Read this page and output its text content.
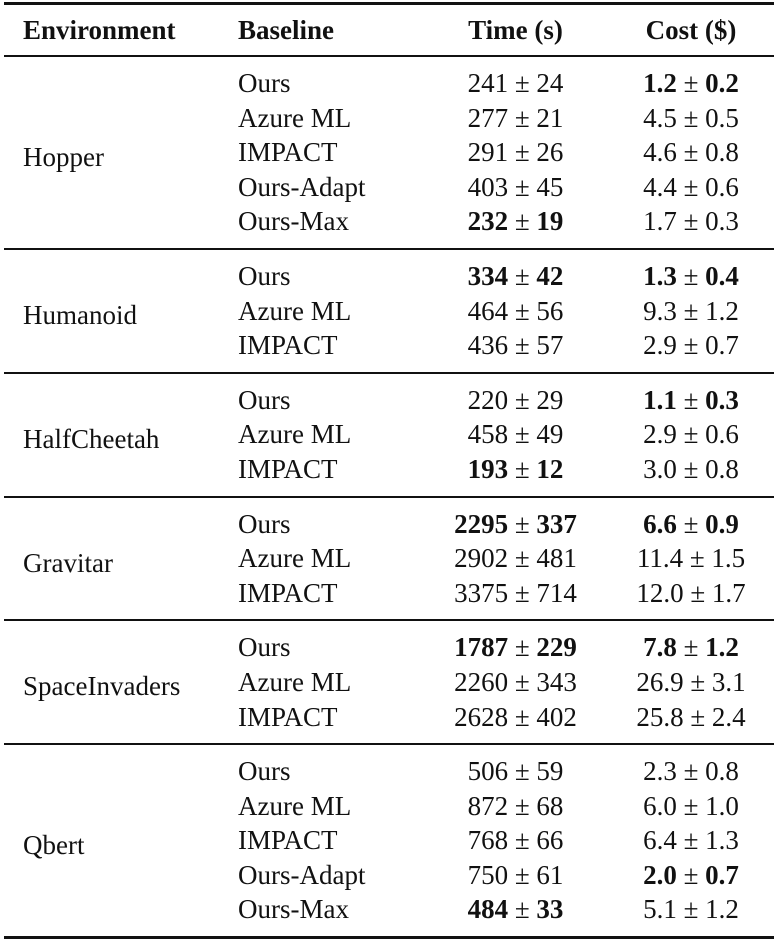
Environment	Baseline	Time (s)	Cost ($)
Hopper	Ours	241 ± 24	1.2 ± 0.2
	Azure ML	277 ± 21	4.5 ± 0.5
	IMPACT	291 ± 26	4.6 ± 0.8
	Ours-Adapt	403 ± 45	4.4 ± 0.6
	Ours-Max	232 ± 19	1.7 ± 0.3
Humanoid	Ours	334 ± 42	1.3 ± 0.4
	Azure ML	464 ± 56	9.3 ± 1.2
	IMPACT	436 ± 57	2.9 ± 0.7
HalfCheetah	Ours	220 ± 29	1.1 ± 0.3
	Azure ML	458 ± 49	2.9 ± 0.6
	IMPACT	193 ± 12	3.0 ± 0.8
Gravitar	Ours	2295 ± 337	6.6 ± 0.9
	Azure ML	2902 ± 481	11.4 ± 1.5
	IMPACT	3375 ± 714	12.0 ± 1.7
SpaceInvaders	Ours	1787 ± 229	7.8 ± 1.2
	Azure ML	2260 ± 343	26.9 ± 3.1
	IMPACT	2628 ± 402	25.8 ± 2.4
Qbert	Ours	506 ± 59	2.3 ± 0.8
	Azure ML	872 ± 68	6.0 ± 1.0
	IMPACT	768 ± 66	6.4 ± 1.3
	Ours-Adapt	750 ± 61	2.0 ± 0.7
	Ours-Max	484 ± 33	5.1 ± 1.2
